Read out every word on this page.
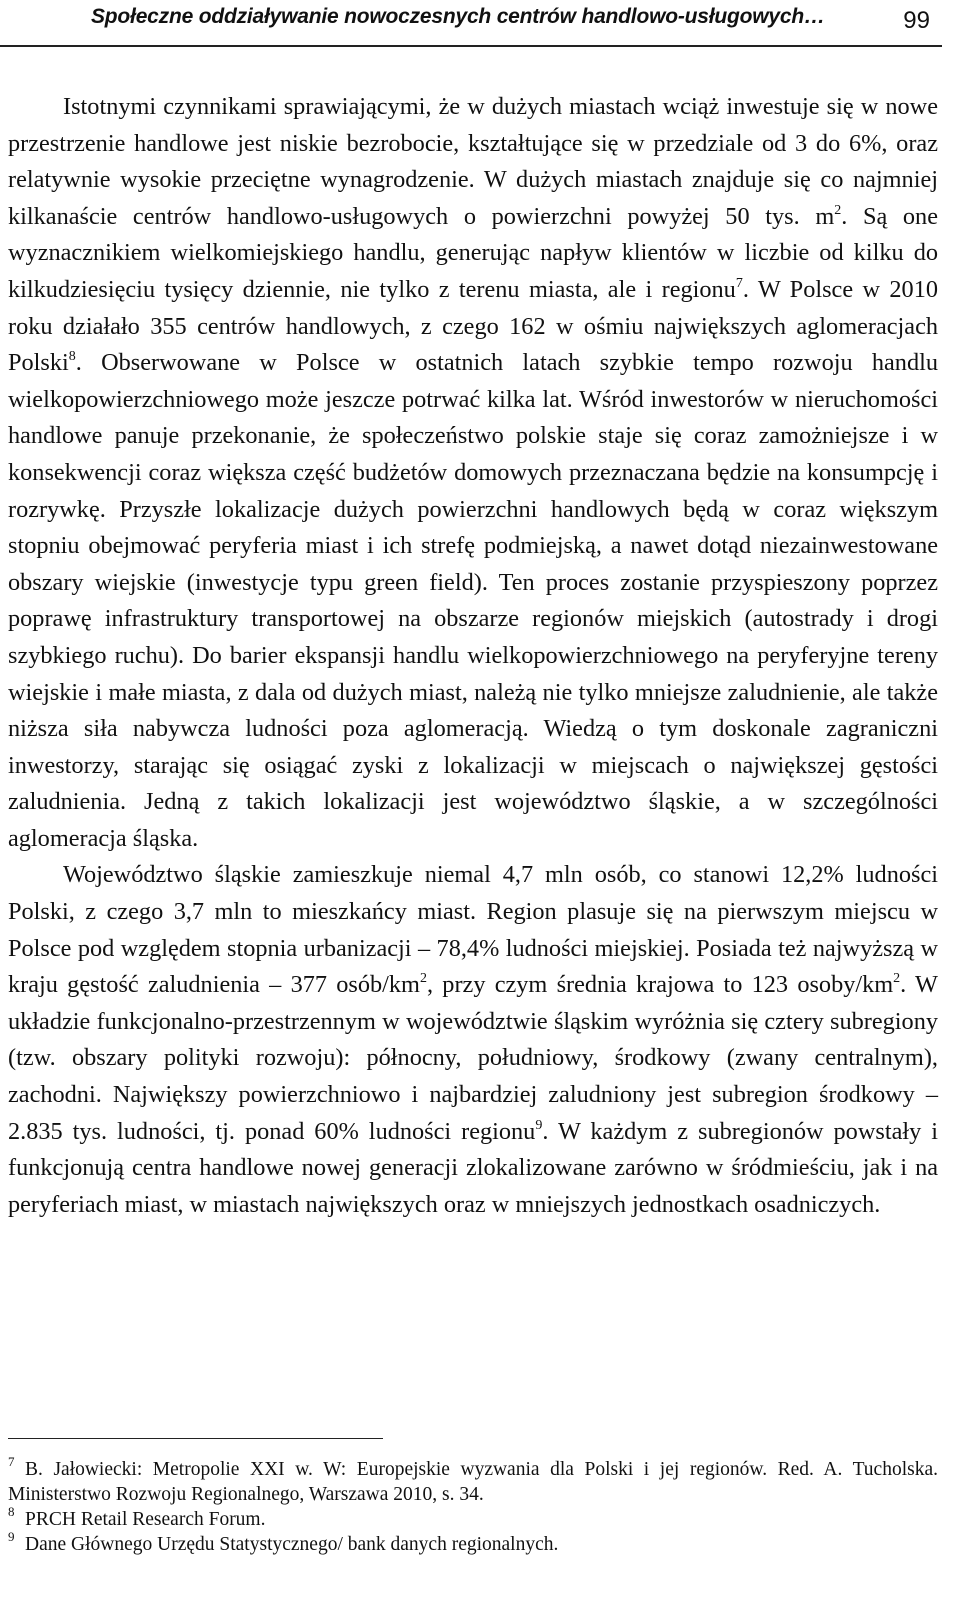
Społeczne oddziaływanie nowoczesnych centrów handlowo-usługowych…	99

Istotnymi czynnikami sprawiającymi, że w dużych miastach wciąż inwestuje się w nowe przestrzenie handlowe jest niskie bezrobocie, kształtujące się w przedziale od 3 do 6%, oraz relatywnie wysokie przeciętne wynagrodzenie. W dużych miastach znajduje się co najmniej kilkanaście centrów handlowo-usługowych o powierzchni powyżej 50 tys. $m^2$. Są one wyznacznikiem wielkomiejskiego handlu, generując napływ klientów w liczbie od kilku do kilkudziesięciu tysięcy dziennie, nie tylko z terenu miasta, ale i regionu$^7$. W Polsce w 2010 roku działało 355 centrów handlowych, z czego 162 w ośmiu największych aglomeracjach Polski$^8$. Obserwowane w Polsce w ostatnich latach szybkie tempo rozwoju handlu wielkopowierzchniowego może jeszcze potrwać kilka lat. Wśród inwestorów w nieruchomości handlowe panuje przekonanie, że społeczeństwo polskie staje się coraz zamożniejsze i w konsekwencji coraz większa część budżetów domowych przeznaczana będzie na konsumpcję i rozrywkę. Przyszłe lokalizacje dużych powierzchni handlowych będą w coraz większym stopniu obejmować peryferia miast i ich strefę podmiejską, a nawet dotąd niezainwestowane obszary wiejskie (inwestycje typu green field). Ten proces zostanie przyspieszony poprzez poprawę infrastruktury transportowej na obszarze regionów miejskich (autostrady i drogi szybkiego ruchu). Do barier ekspansji handlu wielkopowierzchniowego na peryferyjne tereny wiejskie i małe miasta, z dala od dużych miast, należą nie tylko mniejsze zaludnienie, ale także niższa siła nabywcza ludności poza aglomeracją. Wiedzą o tym doskonale zagraniczni inwestorzy, starając się osiągać zyski z lokalizacji w miejscach o największej gęstości zaludnienia. Jedną z takich lokalizacji jest województwo śląskie, a w szczególności aglomeracja śląska.

Województwo śląskie zamieszkuje niemal 4,7 mln osób, co stanowi 12,2% ludności Polski, z czego 3,7 mln to mieszkańcy miast. Region plasuje się na pierwszym miejscu w Polsce pod względem stopnia urbanizacji – 78,4% ludności miejskiej. Posiada też najwyższą w kraju gęstość zaludnienia – 377 osób/$km^2$, przy czym średnia krajowa to 123 osoby/$km^2$. W układzie funkcjonalno-przestrzennym w województwie śląskim wyróżnia się cztery subregiony (tzw. obszary polityki rozwoju): północny, południowy, środkowy (zwany centralnym), zachodni. Największy powierzchniowo i najbardziej zaludniony jest subregion środkowy – 2.835 tys. ludności, tj. ponad 60% ludności regionu$^9$. W każdym z subregionów powstały i funkcjonują centra handlowe nowej generacji zlokalizowane zarówno w śródmieściu, jak i na peryferiach miast, w miastach największych oraz w mniejszych jednostkach osadniczych.

7 B. Jałowiecki: Metropolie XXI w. W: Europejskie wyzwania dla Polski i jej regionów. Red. A. Tucholska. Ministerstwo Rozwoju Regionalnego, Warszawa 2010, s. 34.
8 PRCH Retail Research Forum.
9 Dane Głównego Urzędu Statystycznego/ bank danych regionalnych.
